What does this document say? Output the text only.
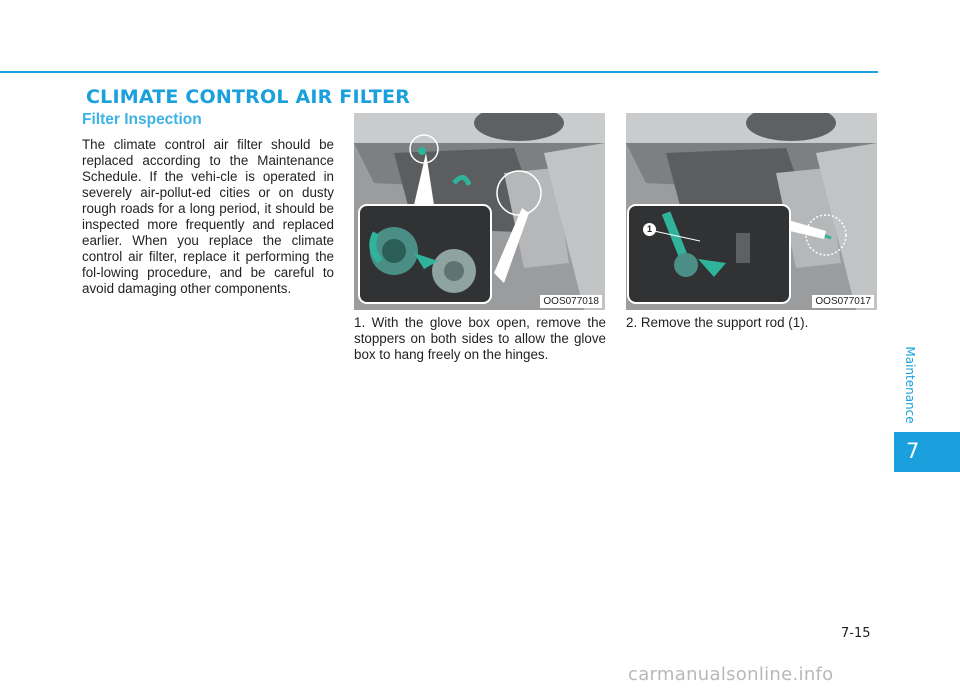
CLIMATE CONTROL AIR FILTER
Filter Inspection

The climate control air filter should be replaced according to the Maintenance Schedule. If the vehi-cle is operated in severely air-pollut-ed cities or on dusty rough roads for a long period, it should be inspected more frequently and replaced earlier. When you replace the climate control air filter, replace it performing the fol-lowing procedure, and be careful to avoid damaging other components.

OOS077018
1
OOS077017
1. With the glove box open, remove the stoppers on both sides to allow the glove box to hang freely on the hinges.
2. Remove the support rod (1).
Maintenance
7
7-15
carmanualsonline.info
